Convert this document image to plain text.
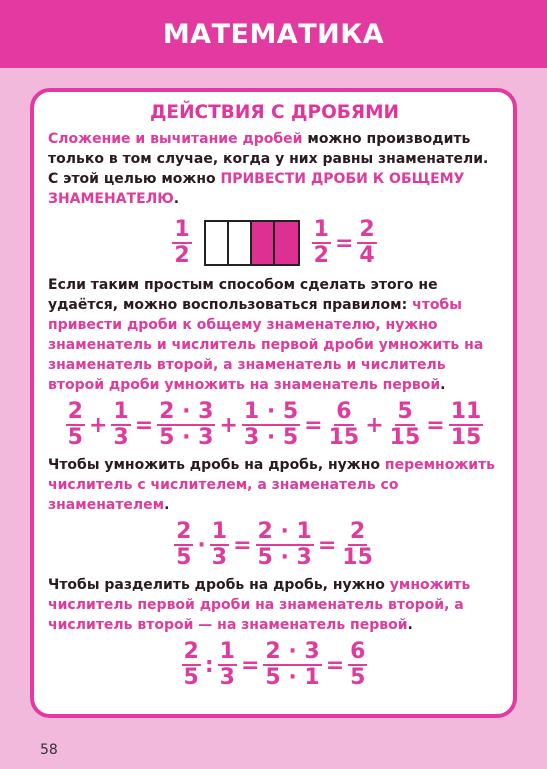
МАТЕМАТИКА
ДЕЙСТВИЯ С ДРОБЯМИ

Сложение и вычитание дробей можно производить только в том случае, когда у них равны знаменатели. С этой целью можно ПРИВЕСТИ ДРОБИ К ОБЩЕМУ ЗНАМЕНАТЕЛЮ.

$\frac{1}{2}$	$\frac{1}{2} = \frac{2}{4}$

Если таким простым способом сделать этого не удаётся, можно воспользоваться правилом: чтобы привести дроби к общему знаменателю, нужно знаменатель и числитель первой дроби умножить на знаменатель второй, а знаменатель и числитель второй дроби умножить на знаменатель первой.

$\frac{2}{5} + \frac{1}{3} = \frac{2 \cdot 3}{5 \cdot 3} + \frac{1 \cdot 5}{3 \cdot 5} = \frac{6}{15} + \frac{5}{15} = \frac{11}{15}$

Чтобы умножить дробь на дробь, нужно перемножить числитель с числителем, а знаменатель со знаменателем.

$\frac{2}{5} \cdot \frac{1}{3} = \frac{2 \cdot 1}{5 \cdot 3} = \frac{2}{15}$

Чтобы разделить дробь на дробь, нужно умножить числитель первой дроби на знаменатель второй, а числитель второй — на знаменатель первой.

$\frac{2}{5}$ : $\frac{1}{3} = \frac{2 \cdot 3}{5 \cdot 1} = \frac{6}{5}$
58
